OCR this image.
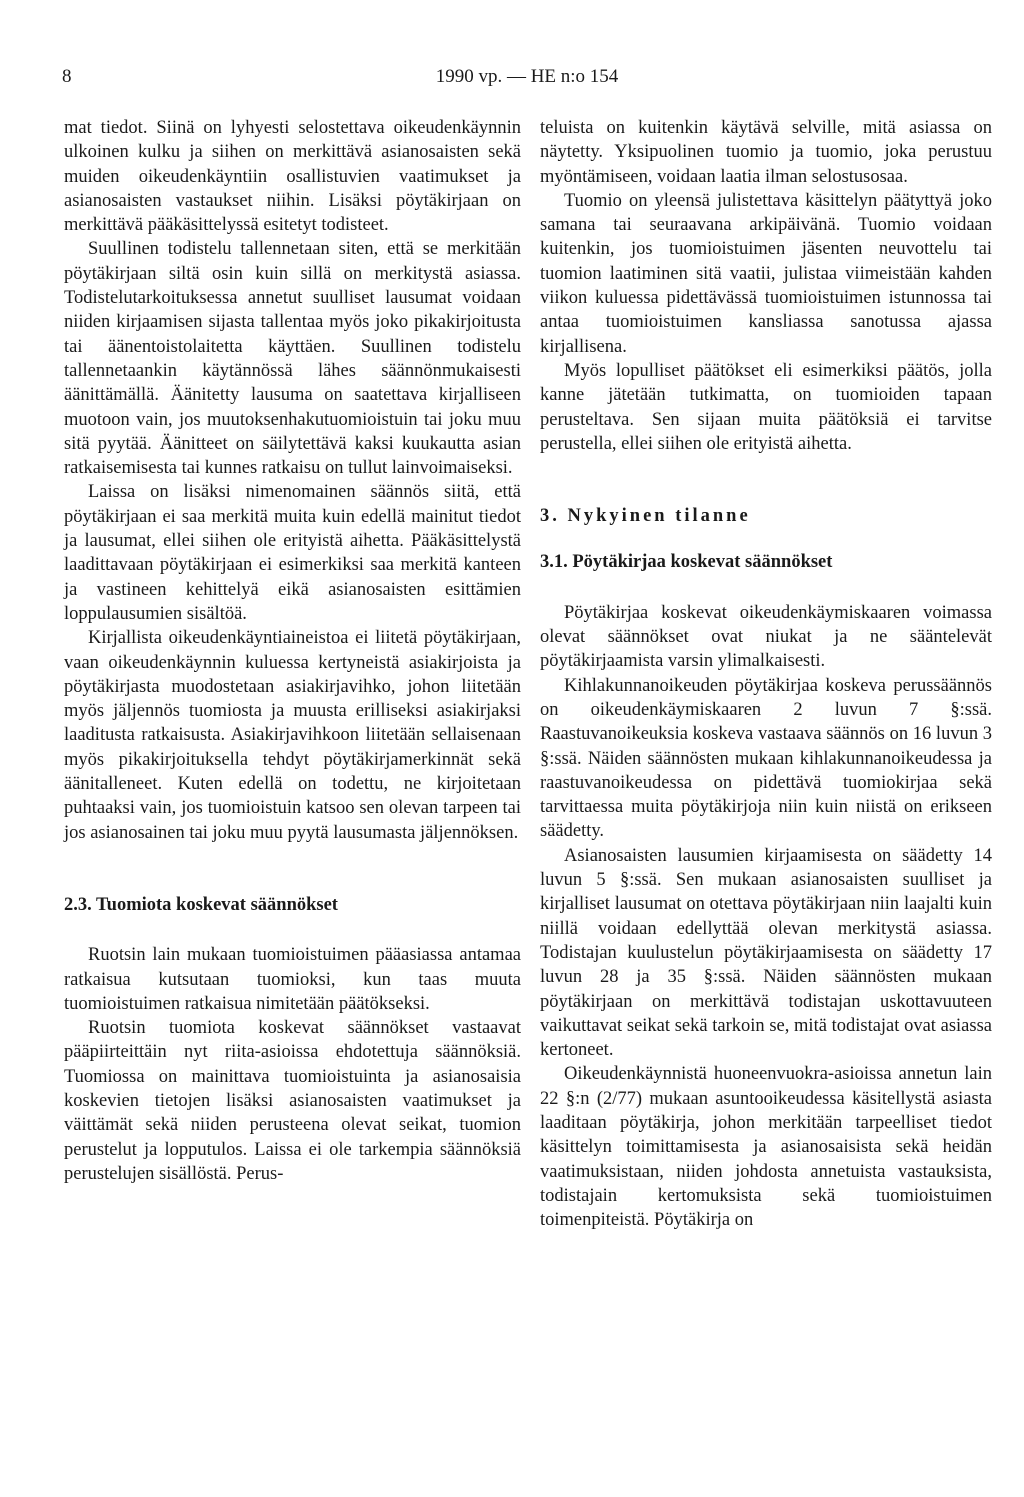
8	1990 vp. — HE n:o 154

mat tiedot. Siinä on lyhyesti selostettava oikeudenkäynnin ulkoinen kulku ja siihen on merkittävä asianosaisten sekä muiden oikeudenkäyntiin osallistuvien vaatimukset ja asianosaisten vastaukset niihin. Lisäksi pöytäkirjaan on merkittävä pääkäsittelyssä esitetyt todisteet.

Suullinen todistelu tallennetaan siten, että se merkitään pöytäkirjaan siltä osin kuin sillä on merkitystä asiassa. Todistelutarkoituksessa annetut suulliset lausumat voidaan niiden kirjaamisen sijasta tallentaa myös joko pikakirjoitusta tai äänentoistolaitetta käyttäen. Suullinen todistelu tallennetaankin käytännössä lähes säännönmukaisesti äänittämällä. Äänitetty lausuma on saatettava kirjalliseen muotoon vain, jos muutoksenhakutuomioistuin tai joku muu sitä pyytää. Äänitteet on säilytettävä kaksi kuukautta asian ratkaisemisesta tai kunnes ratkaisu on tullut lainvoimaiseksi.

Laissa on lisäksi nimenomainen säännös siitä, että pöytäkirjaan ei saa merkitä muita kuin edellä mainitut tiedot ja lausumat, ellei siihen ole erityistä aihetta. Pääkäsittelystä laadittavaan pöytäkirjaan ei esimerkiksi saa merkitä kanteen ja vastineen kehittelyä eikä asianosaisten esittämien loppulausumien sisältöä.

Kirjallista oikeudenkäyntiaineistoa ei liitetä pöytäkirjaan, vaan oikeudenkäynnin kuluessa kertyneistä asiakirjoista ja pöytäkirjasta muodostetaan asiakirjavihko, johon liitetään myös jäljennös tuomiosta ja muusta erilliseksi asiakirjaksi laaditusta ratkaisusta. Asiakirjavihkoon liitetään sellaisenaan myös pikakirjoituksella tehdyt pöytäkirjamerkinnät sekä äänitalleneet. Kuten edellä on todettu, ne kirjoitetaan puhtaaksi vain, jos tuomioistuin katsoo sen olevan tarpeen tai jos asianosainen tai joku muu pyytä lausumasta jäljennöksen.

2.3. Tuomiota koskevat säännökset

Ruotsin lain mukaan tuomioistuimen pääasiassa antamaa ratkaisua kutsutaan tuomioksi, kun taas muuta tuomioistuimen ratkaisua nimitetään päätökseksi.

Ruotsin tuomiota koskevat säännökset vastaavat pääpiirteittäin nyt riita-asioissa ehdotettuja säännöksiä. Tuomiossa on mainittava tuomioistuinta ja asianosaisia koskevien tietojen lisäksi asianosaisten vaatimukset ja väittämät sekä niiden perusteena olevat seikat, tuomion perustelut ja lopputulos. Laissa ei ole tarkempia säännöksiä perustelujen sisällöstä. Perus-

teluista on kuitenkin käytävä selville, mitä asiassa on näytetty. Yksipuolinen tuomio ja tuomio, joka perustuu myöntämiseen, voidaan laatia ilman selostusosaa.

Tuomio on yleensä julistettava käsittelyn päätyttyä joko samana tai seuraavana arkipäivänä. Tuomio voidaan kuitenkin, jos tuomioistuimen jäsenten neuvottelu tai tuomion laatiminen sitä vaatii, julistaa viimeistään kahden viikon kuluessa pidettävässä tuomioistuimen istunnossa tai antaa tuomioistuimen kansliassa sanotussa ajassa kirjallisena.

Myös lopulliset päätökset eli esimerkiksi päätös, jolla kanne jätetään tutkimatta, on tuomioiden tapaan perusteltava. Sen sijaan muita päätöksiä ei tarvitse perustella, ellei siihen ole erityistä aihetta.

3. Nykyinen tilanne
3.1. Pöytäkirjaa koskevat säännökset

Pöytäkirjaa koskevat oikeudenkäymiskaaren voimassa olevat säännökset ovat niukat ja ne sääntelevät pöytäkirjaamista varsin ylimalkaisesti.

Kihlakunnanoikeuden pöytäkirjaa koskeva perussäännös on oikeudenkäymiskaaren 2 luvun 7 §:ssä. Raastuvanoikeuksia koskeva vastaava säännös on 16 luvun 3 §:ssä. Näiden säännösten mukaan kihlakunnanoikeudessa ja raastuvanoikeudessa on pidettävä tuomiokirjaa sekä tarvittaessa muita pöytäkirjoja niin kuin niistä on erikseen säädetty.

Asianosaisten lausumien kirjaamisesta on säädetty 14 luvun 5 §:ssä. Sen mukaan asianosaisten suulliset ja kirjalliset lausumat on otettava pöytäkirjaan niin laajalti kuin niillä voidaan edellyttää olevan merkitystä asiassa. Todistajan kuulustelun pöytäkirjaamisesta on säädetty 17 luvun 28 ja 35 §:ssä. Näiden säännösten mukaan pöytäkirjaan on merkittävä todistajan uskottavuuteen vaikuttavat seikat sekä tarkoin se, mitä todistajat ovat asiassa kertoneet.

Oikeudenkäynnistä huoneenvuokra-asioissa annetun lain 22 §:n (2/77) mukaan asuntooikeudessa käsitellystä asiasta laaditaan pöytäkirja, johon merkitään tarpeelliset tiedot käsittelyn toimittamisesta ja asianosaisista sekä heidän vaatimuksistaan, niiden johdosta annetuista vastauksista, todistajain kertomuksista sekä tuomioistuimen toimenpiteistä. Pöytäkirja on
